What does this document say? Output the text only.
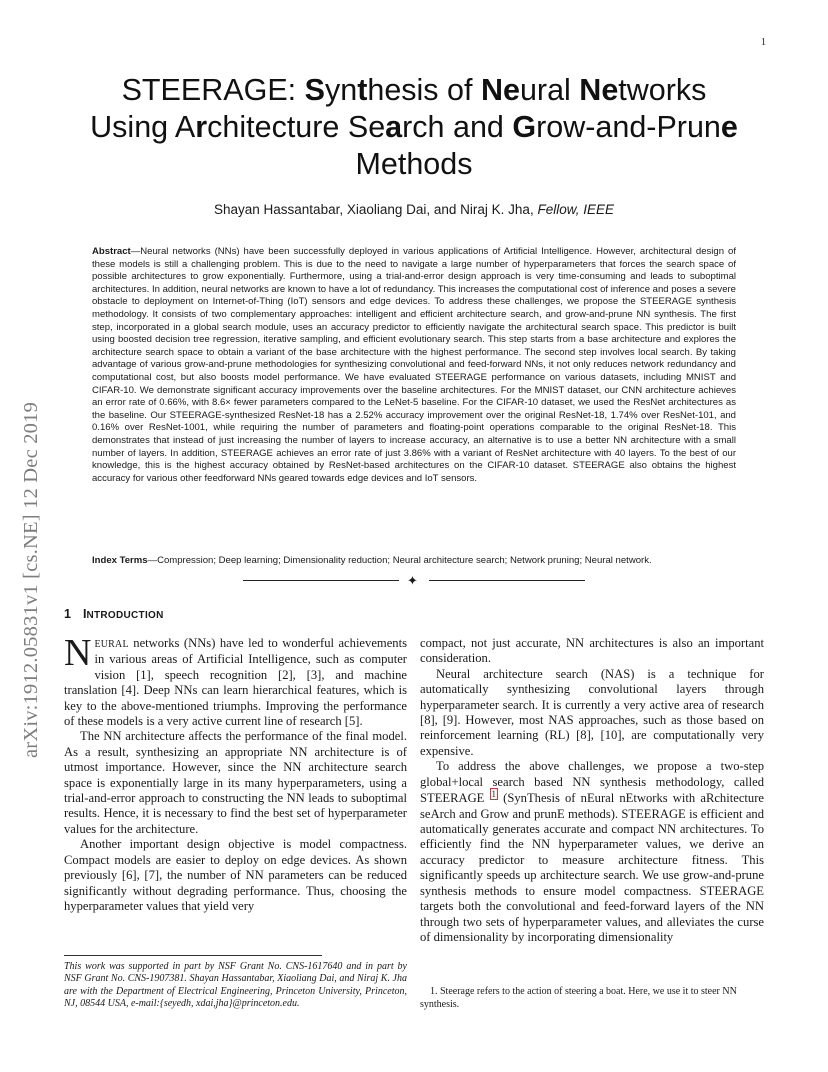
1
arXiv:1912.05831v1 [cs.NE] 12 Dec 2019
STEERAGE: Synthesis of Neural Networks
Using Architecture Search and Grow-and-Prune
Methods
Shayan Hassantabar, Xiaoliang Dai, and Niraj K. Jha, Fellow, IEEE

Abstract—Neural networks (NNs) have been successfully deployed in various applications of Artificial Intelligence. However, architectural design of these models is still a challenging problem. This is due to the need to navigate a large number of hyperparameters that forces the search space of possible architectures to grow exponentially. Furthermore, using a trial-and-error design approach is very time-consuming and leads to suboptimal architectures. In addition, neural networks are known to have a lot of redundancy. This increases the computational cost of inference and poses a severe obstacle to deployment on Internet-of-Thing (IoT) sensors and edge devices. To address these challenges, we propose the STEERAGE synthesis methodology. It consists of two complementary approaches: intelligent and efficient architecture search, and grow-and-prune NN synthesis. The first step, incorporated in a global search module, uses an accuracy predictor to efficiently navigate the architectural search space. This predictor is built using boosted decision tree regression, iterative sampling, and efficient evolutionary search. This step starts from a base architecture and explores the architecture search space to obtain a variant of the base architecture with the highest performance. The second step involves local search. By taking advantage of various grow-and-prune methodologies for synthesizing convolutional and feed-forward NNs, it not only reduces network redundancy and computational cost, but also boosts model performance. We have evaluated STEERAGE performance on various datasets, including MNIST and CIFAR-10. We demonstrate significant accuracy improvements over the baseline architectures. For the MNIST dataset, our CNN architecture achieves an error rate of 0.66%, with 8.6× fewer parameters compared to the LeNet-5 baseline. For the CIFAR-10 dataset, we used the ResNet architectures as the baseline. Our STEERAGE-synthesized ResNet-18 has a 2.52% accuracy improvement over the original ResNet-18, 1.74% over ResNet-101, and 0.16% over ResNet-1001, while requiring the number of parameters and floating-point operations comparable to the original ResNet-18. This demonstrates that instead of just increasing the number of layers to increase accuracy, an alternative is to use a better NN architecture with a small number of layers. In addition, STEERAGE achieves an error rate of just 3.86% with a variant of ResNet architecture with 40 layers. To the best of our knowledge, this is the highest accuracy obtained by ResNet-based architectures on the CIFAR-10 dataset. STEERAGE also obtains the highest accuracy for various other feedforward NNs geared towards edge devices and IoT sensors.

Index Terms—Compression; Deep learning; Dimensionality reduction; Neural architecture search; Network pruning; Neural network.

✦
1 INTRODUCTION

NEURAL networks (NNs) have led to wonderful achievements in various areas of Artificial Intelligence, such as computer vision [1], speech recognition [2], [3], and machine translation [4]. Deep NNs can learn hierarchical features, which is key to the above-mentioned triumphs. Improving the performance of these models is a very active current line of research [5].

The NN architecture affects the performance of the final model. As a result, synthesizing an appropriate NN architecture is of utmost importance. However, since the NN architecture search space is exponentially large in its many hyperparameters, using a trial-and-error approach to constructing the NN leads to suboptimal results. Hence, it is necessary to find the best set of hyperparameter values for the architecture.

Another important design objective is model compactness. Compact models are easier to deploy on edge devices. As shown previously [6], [7], the number of NN parameters can be reduced significantly without degrading performance. Thus, choosing the hyperparameter values that yield very

compact, not just accurate, NN architectures is also an important consideration.

Neural architecture search (NAS) is a technique for automatically synthesizing convolutional layers through hyperparameter search. It is currently a very active area of research [8], [9]. However, most NAS approaches, such as those based on reinforcement learning (RL) [8], [10], are computationally very expensive.

To address the above challenges, we propose a two-step global+local search based NN synthesis methodology, called STEERAGE $^1$ (SynThesis of nEural nEtworks with aRchitecture seArch and Grow and prunE methods). STEERAGE is efficient and automatically generates accurate and compact NN architectures. To efficiently find the NN hyperparameter values, we derive an accuracy predictor to measure architecture fitness. This significantly speeds up architecture search. We use grow-and-prune synthesis methods to ensure model compactness. STEERAGE targets both the convolutional and feed-forward layers of the NN through two sets of hyperparameter values, and alleviates the curse of dimensionality by incorporating dimensionality

This work was supported in part by NSF Grant No. CNS-1617640 and in part by NSF Grant No. CNS-1907381. Shayan Hassantabar, Xiaoliang Dai, and Niraj K. Jha are with the Department of Electrical Engineering, Princeton University, Princeton, NJ, 08544 USA, e-mail:{seyedh, xdai,jha}@princeton.edu.

1. Steerage refers to the action of steering a boat. Here, we use it to steer NN synthesis.
